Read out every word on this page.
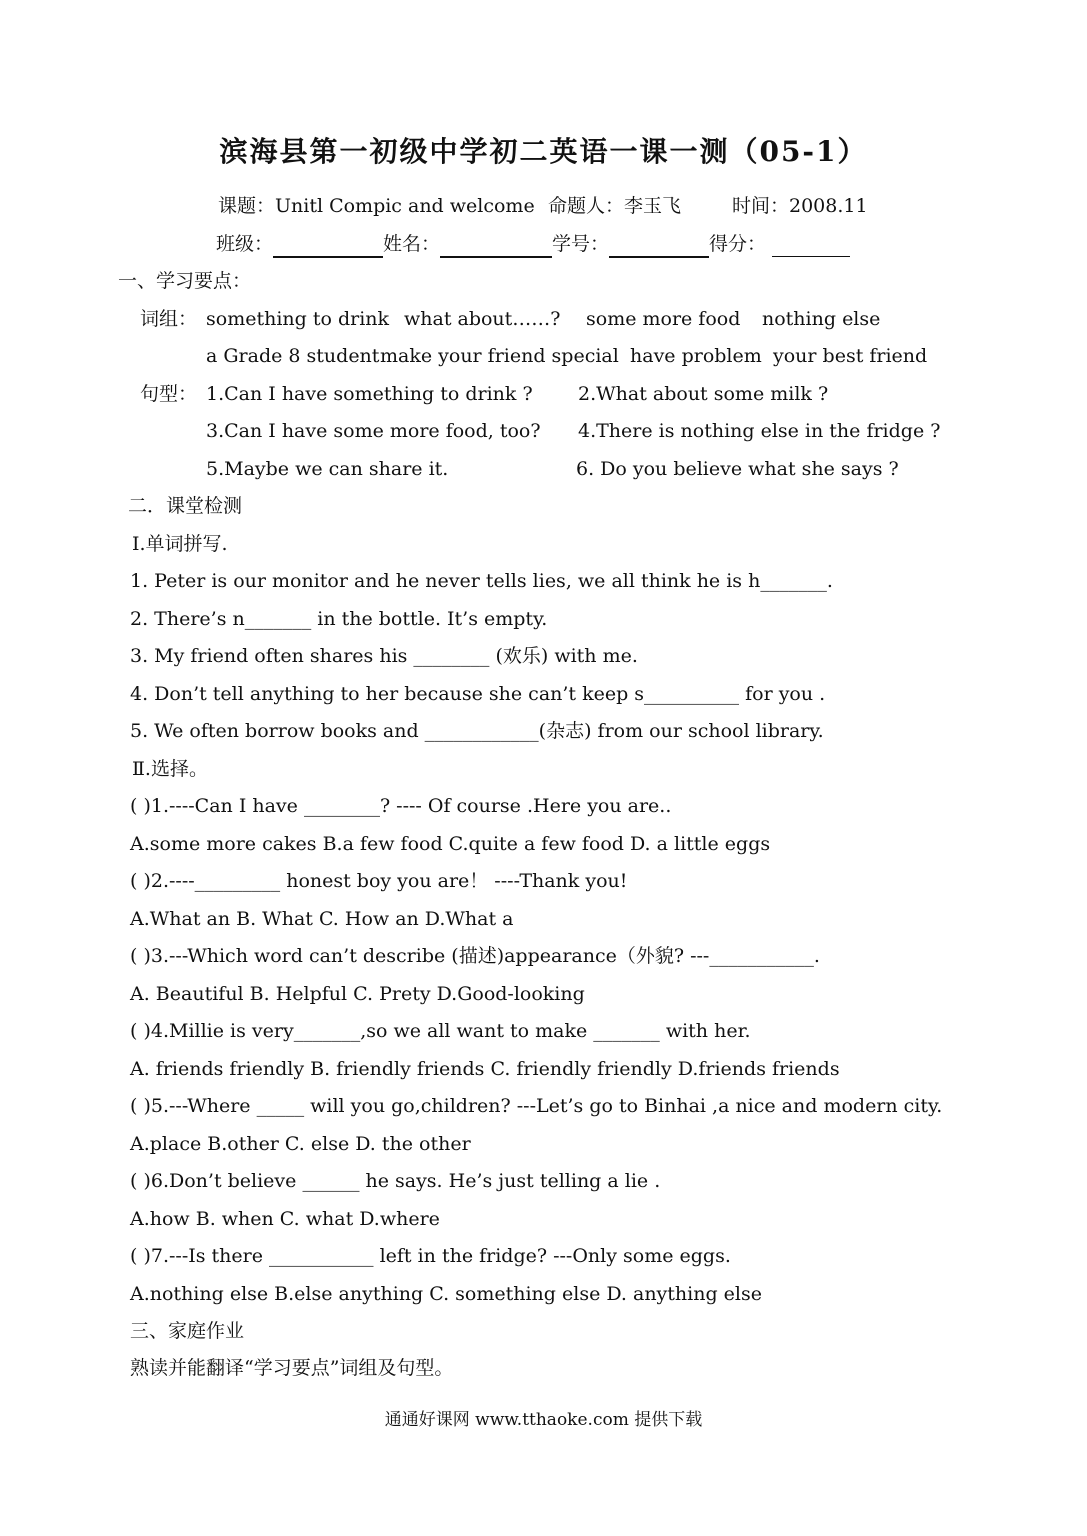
滨海县第一初级中学初二英语一课一测（05-1）
课题：Unitl Compic and welcome 命题人：李玉飞	时间：2008.11
班级：	姓名：	学号：	得分：
一、学习要点：
词组： something to drink what about……? some more food nothing else
a Grade 8 student make your friend special have problem your best friend
句型： 1.Can I have something to drink ? 2.What about some milk ?
3.Can I have some more food, too? 4.There is nothing else in the fridge ?
5.Maybe we can share it.	6. Do you believe what she says ?
二．课堂检测
Ⅰ.单词拼写.
1. Peter is our monitor and he never tells lies, we all think he is h_______.
2. There’s n_______ in the bottle. It’s empty.
3. My friend often shares his ________ (欢乐) with me.
4. Don’t tell anything to her because she can’t keep s__________ for you .
5. We often borrow books and ____________(杂志) from our school library.
Ⅱ.选择。
( )1.----Can I have ________? ---- Of course .Here you are..
A.some more cakes B.a few food C.quite a few food D. a little eggs
( )2.----_________ honest boy you are！ ----Thank you!
A.What an B. What C. How an D.What a
( )3.---Which word can’t describe (描述)appearance（外貌? ---___________.
A. Beautiful B. Helpful C. Prety D.Good-looking
( )4.Millie is very_______,so we all want to make _______ with her.
A. friends friendly B. friendly friends C. friendly friendly D.friends friends
( )5.---Where _____ will you go,children? ---Let’s go to Binhai ,a nice and modern city.
A.place B.other C. else D. the other
( )6.Don’t believe ______ he says. He’s just telling a lie .
A.how B. when C. what D.where
( )7.---Is there ___________ left in the fridge? ---Only some eggs.
A.nothing else B.else anything C. something else D. anything else
三、家庭作业
熟读并能翻译“学习要点”词组及句型。
通通好课网 www.tthaoke.com 提供下载
